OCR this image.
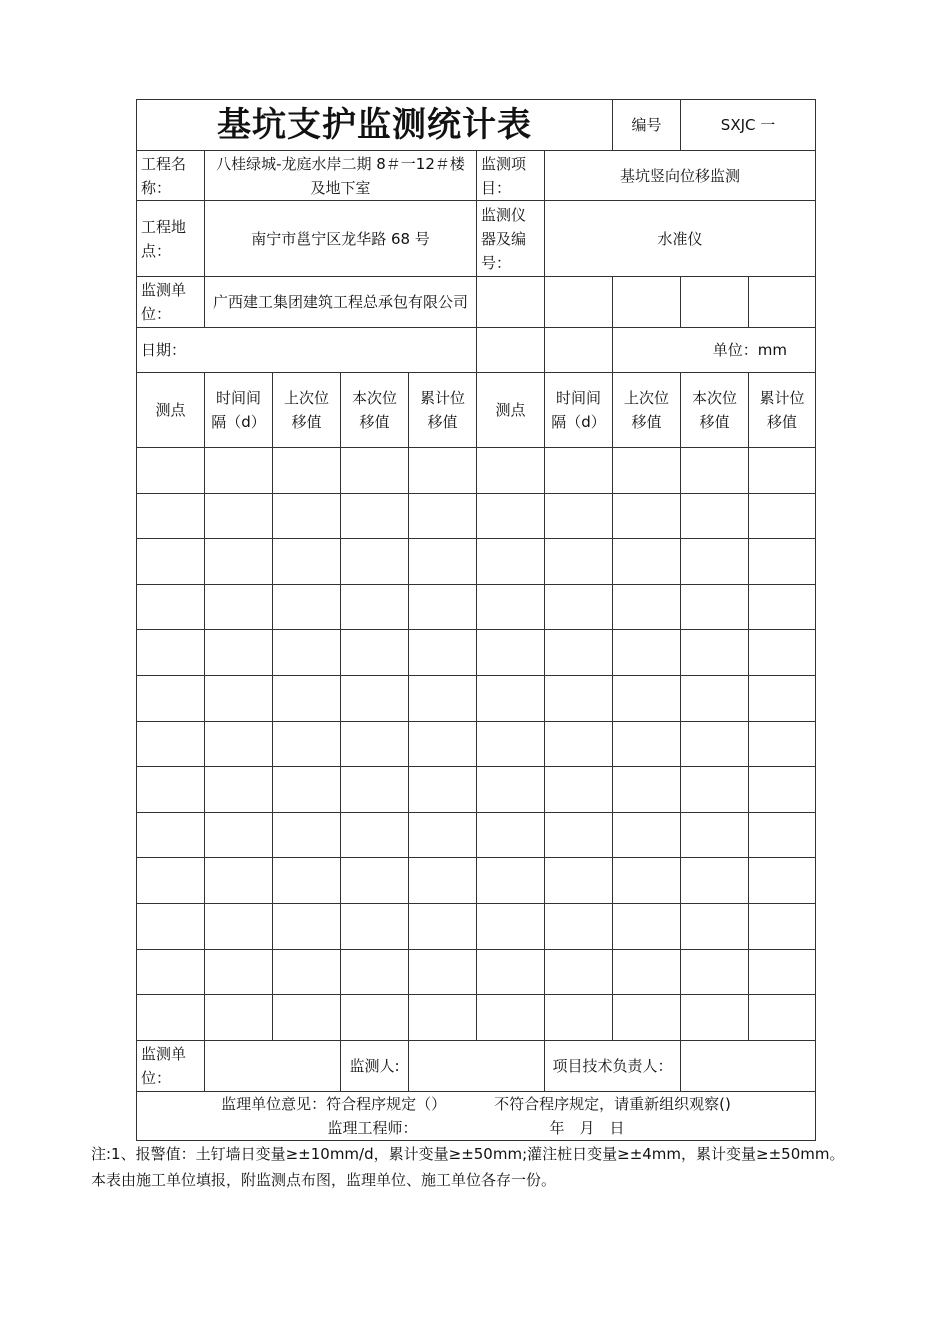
基坑支护监测统计表							编号	SXJC 一	
工程名称：	八桂绿城-龙庭水岸二期 8＃一12＃楼及地下室				监测项目：	基坑竖向位移监测			
工程地点：	南宁市邕宁区龙华路 68 号				监测仪器及编号：	水准仪			
监测单位：	广西建工集团建筑工程总承包有限公司								
日期：							单位：mm		

测点	时间间隔（d）	上次位移值	本次位移值	累计位移值	测点	时间间隔（d）	上次位移值	本次位移值	累计位移值

监测单位：			监测人:			项目技术负责人：			

监理单位意见：符合程序规定（） 不符合程序规定，请重新组织观察()
监理工程师： 年　月　日									

注:1、报警值：土钉墙日变量≥±10mm/d，累计变量≥±50mm;灌注桩日变量≥±4mm，累计变量≥±50mm。

本表由施工单位填报，附监测点布图，监理单位、施工单位各存一份。
